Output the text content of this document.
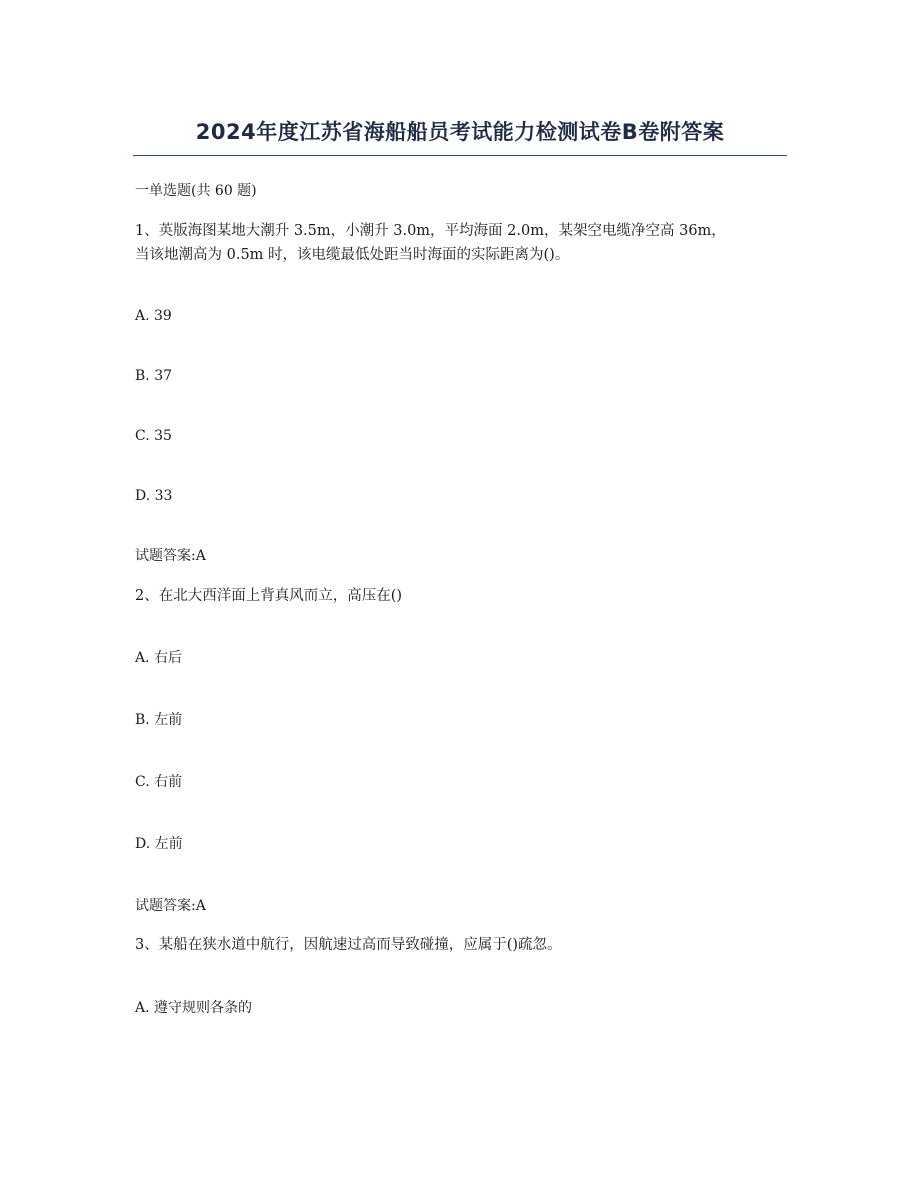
2024年度江苏省海船船员考试能力检测试卷B卷附答案
一单选题(共 60 题)
1、英版海图某地大潮升 3.5m，小潮升 3.0m，平均海面 2.0m，某架空电缆净空高 36m，
当该地潮高为 0.5m 时，该电缆最低处距当时海面的实际距离为()。
A. 39
B. 37
C. 35
D. 33
试题答案:A
2、在北大西洋面上背真风而立，高压在()
A. 右后
B. 左前
C. 右前
D. 左前
试题答案:A
3、某船在狭水道中航行，因航速过高而导致碰撞，应属于()疏忽。
A. 遵守规则各条的
